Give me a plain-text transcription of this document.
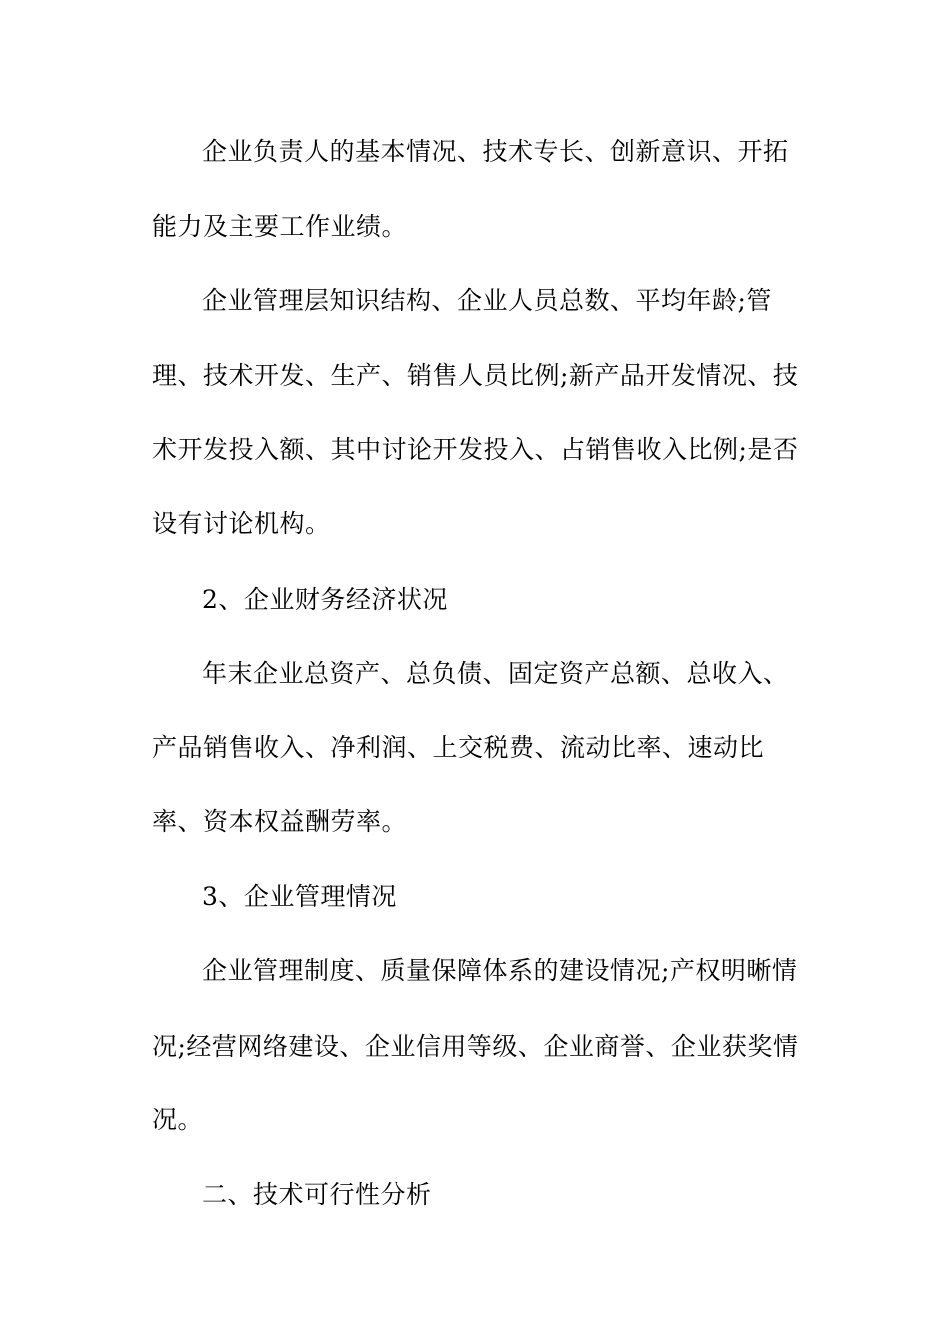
企业负责人的基本情况、技术专长、创新意识、开拓
能力及主要工作业绩。
企业管理层知识结构、企业人员总数、平均年龄;管
理、技术开发、生产、销售人员比例;新产品开发情况、技
术开发投入额、其中讨论开发投入、占销售收入比例;是否
设有讨论机构。
2、企业财务经济状况
年末企业总资产、总负债、固定资产总额、总收入、
产品销售收入、净利润、上交税费、流动比率、速动比
率、资本权益酬劳率。
3、企业管理情况
企业管理制度、质量保障体系的建设情况;产权明晰情
况;经营网络建设、企业信用等级、企业商誉、企业获奖情
况。
二、技术可行性分析
